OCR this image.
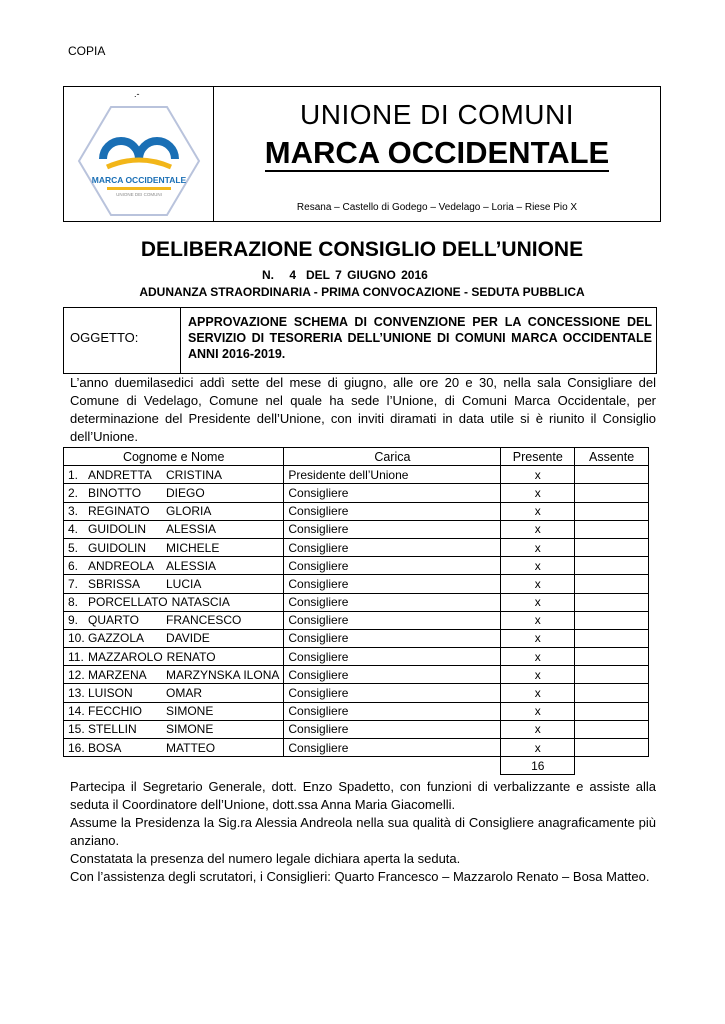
COPIA
.-
MARCA OCCIDENTALE
UNIONE DEI COMUNI
UNIONE DI COMUNI
MARCA OCCIDENTALE
Resana – Castello di Godego – Vedelago – Loria – Riese Pio X
DELIBERAZIONE CONSIGLIO DELL’UNIONE
N. 4 DEL 7 GIUGNO 2016
ADUNANZA STRAORDINARIA - PRIMA CONVOCAZIONE - SEDUTA PUBBLICA
OGGETTO:
APPROVAZIONE SCHEMA DI CONVENZIONE PER LA CONCESSIONE DEL SERVIZIO DI TESORERIA DELL’UNIONE DI COMUNI MARCA OCCIDENTALE ANNI 2016-2019.
L’anno duemilasedici addì sette del mese di giugno, alle ore 20 e 30, nella sala Consigliare del Comune di Vedelago, Comune nel quale ha sede l’Unione, di Comuni Marca Occidentale, per determinazione del Presidente dell’Unione, con inviti diramati in data utile si è riunito il Consiglio dell’Unione.
Cognome e Nome	Carica	Presente	Assente
1. ANDRETTA CRISTINA	Presidente dell’Unione	x	
2. BINOTTO DIEGO	Consigliere	x	
3. REGINATO GLORIA	Consigliere	x	
4. GUIDOLIN ALESSIA	Consigliere	x	
5. GUIDOLIN MICHELE	Consigliere	x	
6. ANDREOLA ALESSIA	Consigliere	x	
7. SBRISSA LUCIA	Consigliere	x	
8. PORCELLATO NATASCIA	Consigliere	x	
9. QUARTO FRANCESCO	Consigliere	x	
10. GAZZOLA DAVIDE	Consigliere	x	
11. MAZZAROLO RENATO	Consigliere	x	
12. MARZENA MARZYNSKA ILONA	Consigliere	x	
13. LUISON OMAR	Consigliere	x	
14. FECCHIO SIMONE	Consigliere	x	
15. STELLIN SIMONE	Consigliere	x	
16. BOSA MATTEO	Consigliere	x	
		16	
Partecipa il Segretario Generale, dott. Enzo Spadetto, con funzioni di verbalizzante e assiste alla seduta il Coordinatore dell’Unione, dott.ssa Anna Maria Giacomelli.
Assume la Presidenza la Sig.ra Alessia Andreola nella sua qualità di Consigliere anagraficamente più anziano.
Constatata la presenza del numero legale dichiara aperta la seduta.
Con l’assistenza degli scrutatori, i Consiglieri: Quarto Francesco – Mazzarolo Renato – Bosa Matteo.
